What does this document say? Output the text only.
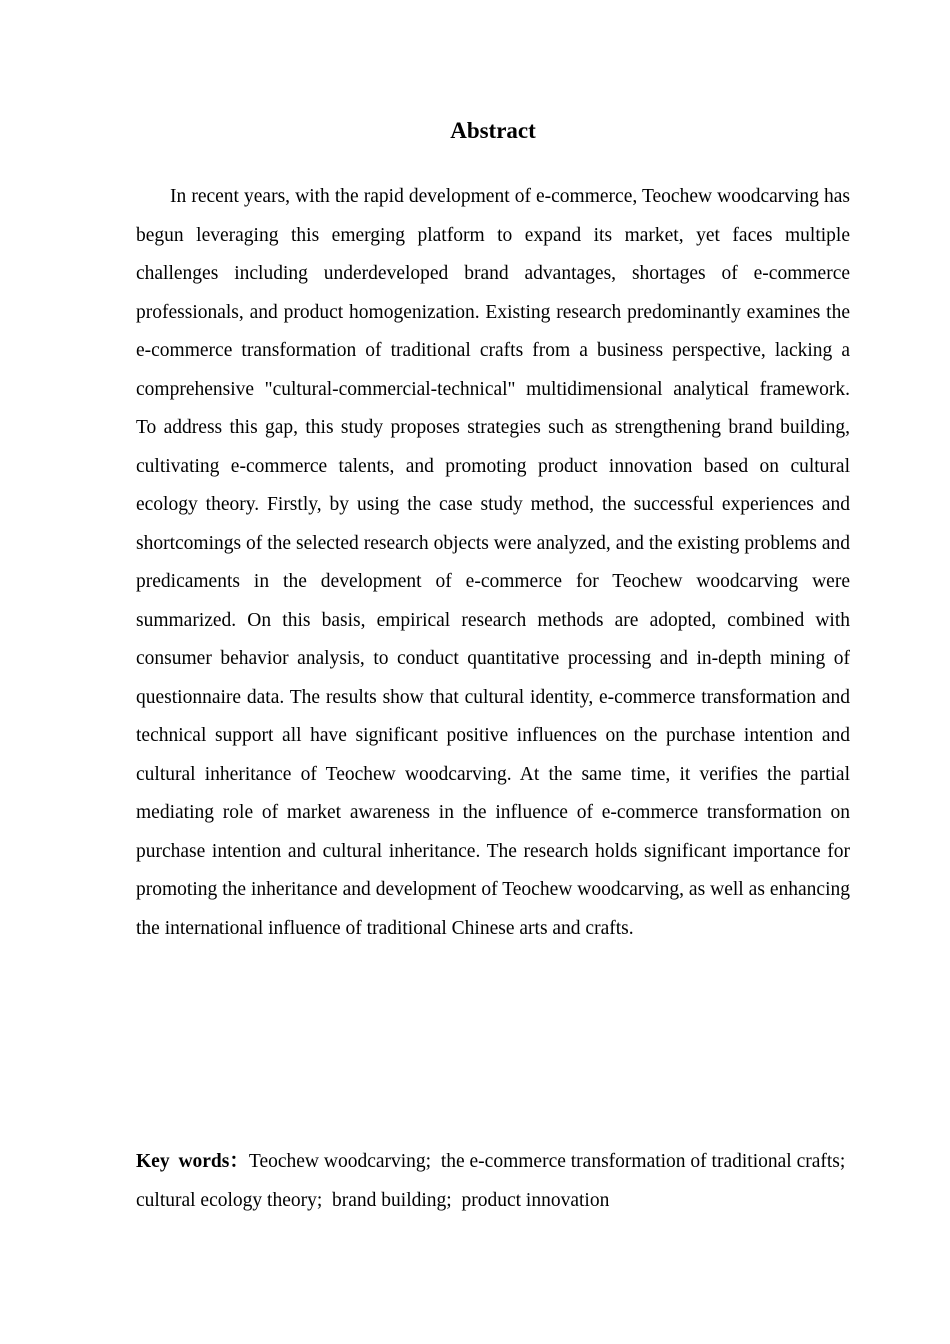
Abstract

In recent years, with the rapid development of e-commerce, Teochew woodcarving has begun leveraging this emerging platform to expand its market, yet faces multiple challenges including underdeveloped brand advantages, shortages of e-commerce professionals, and product homogenization. Existing research predominantly examines the e-commerce transformation of traditional crafts from a business perspective, lacking a comprehensive "cultural-commercial-technical" multidimensional analytical framework. To address this gap, this study proposes strategies such as strengthening brand building, cultivating e-commerce talents, and promoting product innovation based on cultural ecology theory. Firstly, by using the case study method, the successful experiences and shortcomings of the selected research objects were analyzed, and the existing problems and predicaments in the development of e-commerce for Teochew woodcarving were summarized. On this basis, empirical research methods are adopted, combined with consumer behavior analysis, to conduct quantitative processing and in-depth mining of questionnaire data. The results show that cultural identity, e-commerce transformation and technical support all have significant positive influences on the purchase intention and cultural inheritance of Teochew woodcarving. At the same time, it verifies the partial mediating role of market awareness in the influence of e-commerce transformation on purchase intention and cultural inheritance. The research holds significant importance for promoting the inheritance and development of Teochew woodcarving, as well as enhancing the international influence of traditional Chinese arts and crafts.

Key words：Teochew woodcarving;  the e-commerce transformation of traditional crafts;  cultural ecology theory;  brand building;  product innovation
